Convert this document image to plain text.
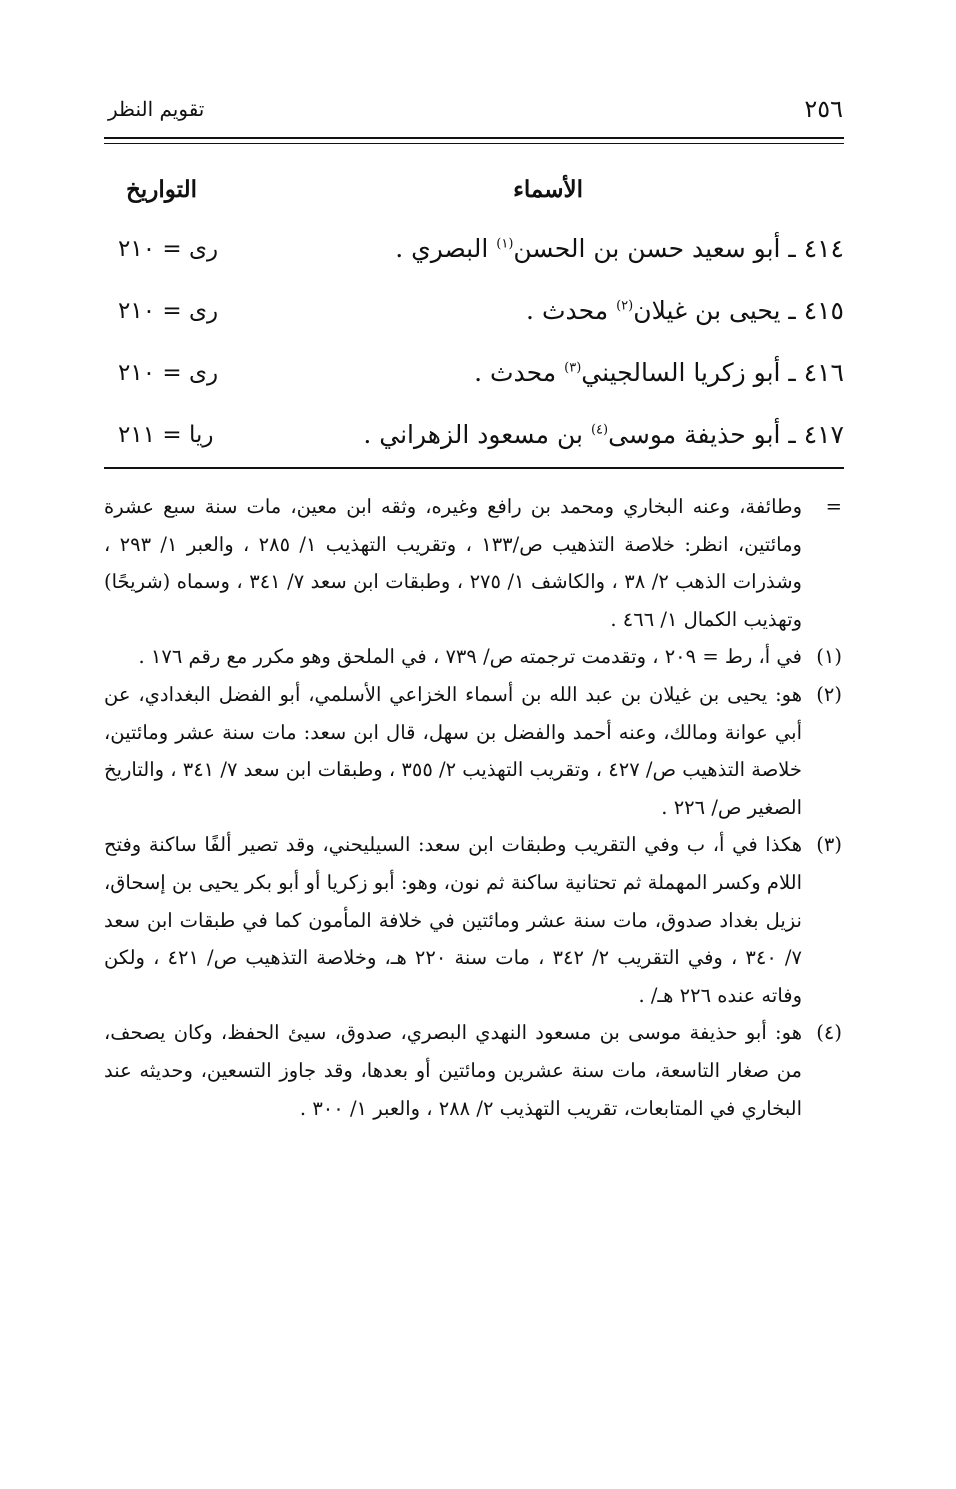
٢٥٦
تقويم النظر
الأسماء
التواريخ
٤١٤ ـ أبو سعيد حسن بن الحسن$^{(١)}$ البصري .
رى = ٢١٠
٤١٥ ـ يحيى بن غيلان$^{(٢)}$ محدث .
رى = ٢١٠
٤١٦ ـ أبو زكريا السالجيني$^{(٣)}$ محدث .
رى = ٢١٠
٤١٧ ـ أبو حذيفة موسى$^{(٤)}$ بن مسعود الزهراني .
ريا = ٢١١

=
وطائفة، وعنه البخاري ومحمد بن رافع وغيره، وثقه ابن معين، مات سنة سبع عشرة ومائتين، انظر: خلاصة التذهيب ص/١٣٣ ، وتقريب التهذيب ١/ ٢٨٥ ، والعبر ١/ ٢٩٣ ، وشذرات الذهب ٢/ ٣٨ ، والكاشف ١/ ٢٧٥ ، وطبقات ابن سعد ٧/ ٣٤١ ، وسماه (شريحًا) وتهذيب الكمال ١/ ٤٦٦ .

(١)
في أ، رط = ٢٠٩ ، وتقدمت ترجمته ص/ ٧٣٩ ، في الملحق وهو مكرر مع رقم ١٧٦ .

(٢)
هو: يحيى بن غيلان بن عبد الله بن أسماء الخزاعي الأسلمي، أبو الفضل البغدادي، عن أبي عوانة ومالك، وعنه أحمد والفضل بن سهل، قال ابن سعد: مات سنة عشر ومائتين، خلاصة التذهيب ص/ ٤٢٧ ، وتقريب التهذيب ٢/ ٣٥٥ ، وطبقات ابن سعد ٧/ ٣٤١ ، والتاريخ الصغير ص/ ٢٢٦ .

(٣)
هكذا في أ، ب وفي التقريب وطبقات ابن سعد: السيليحني، وقد تصير ألفًا ساكنة وفتح اللام وكسر المهملة ثم تحتانية ساكنة ثم نون، وهو: أبو زكريا أو أبو بكر يحيى بن إسحاق، نزيل بغداد صدوق، مات سنة عشر ومائتين في خلافة المأمون كما في طبقات ابن سعد ٧/ ٣٤٠ ، وفي التقريب ٢/ ٣٤٢ ، مات سنة ٢٢٠ هـ، وخلاصة التذهيب ص/ ٤٢١ ، ولكن وفاته عنده ٢٢٦ هـ/ .

(٤)
هو: أبو حذيفة موسى بن مسعود النهدي البصري، صدوق، سيئ الحفظ، وكان يصحف، من صغار التاسعة، مات سنة عشرين ومائتين أو بعدها، وقد جاوز التسعين، وحديثه عند البخاري في المتابعات، تقريب التهذيب ٢/ ٢٨٨ ، والعبر ١/ ٣٠٠ .
